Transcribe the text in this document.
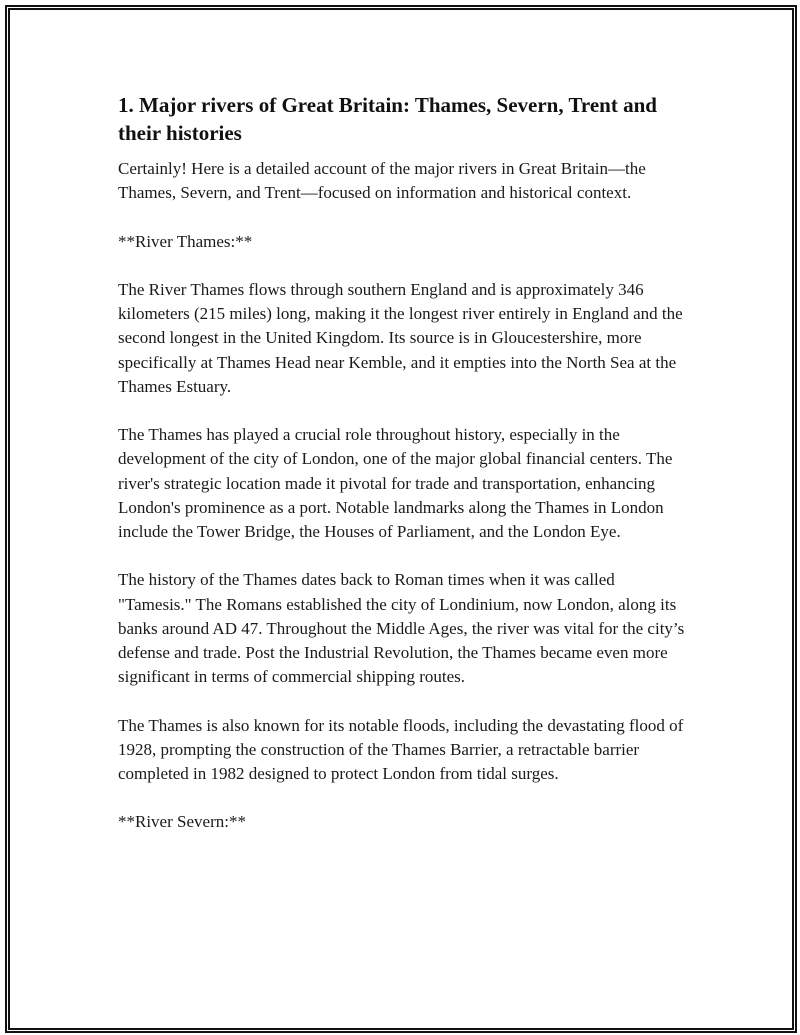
1. Major rivers of Great Britain: Thames, Severn, Trent and their histories

Certainly! Here is a detailed account of the major rivers in Great Britain—the Thames, Severn, and Trent—focused on information and historical context.

**River Thames:**

The River Thames flows through southern England and is approximately 346 kilometers (215 miles) long, making it the longest river entirely in England and the second longest in the United Kingdom. Its source is in Gloucestershire, more specifically at Thames Head near Kemble, and it empties into the North Sea at the Thames Estuary.

The Thames has played a crucial role throughout history, especially in the development of the city of London, one of the major global financial centers. The river's strategic location made it pivotal for trade and transportation, enhancing London's prominence as a port. Notable landmarks along the Thames in London include the Tower Bridge, the Houses of Parliament, and the London Eye.

The history of the Thames dates back to Roman times when it was called "Tamesis." The Romans established the city of Londinium, now London, along its banks around AD 47. Throughout the Middle Ages, the river was vital for the city’s defense and trade. Post the Industrial Revolution, the Thames became even more significant in terms of commercial shipping routes.

The Thames is also known for its notable floods, including the devastating flood of 1928, prompting the construction of the Thames Barrier, a retractable barrier completed in 1982 designed to protect London from tidal surges.

**River Severn:**
